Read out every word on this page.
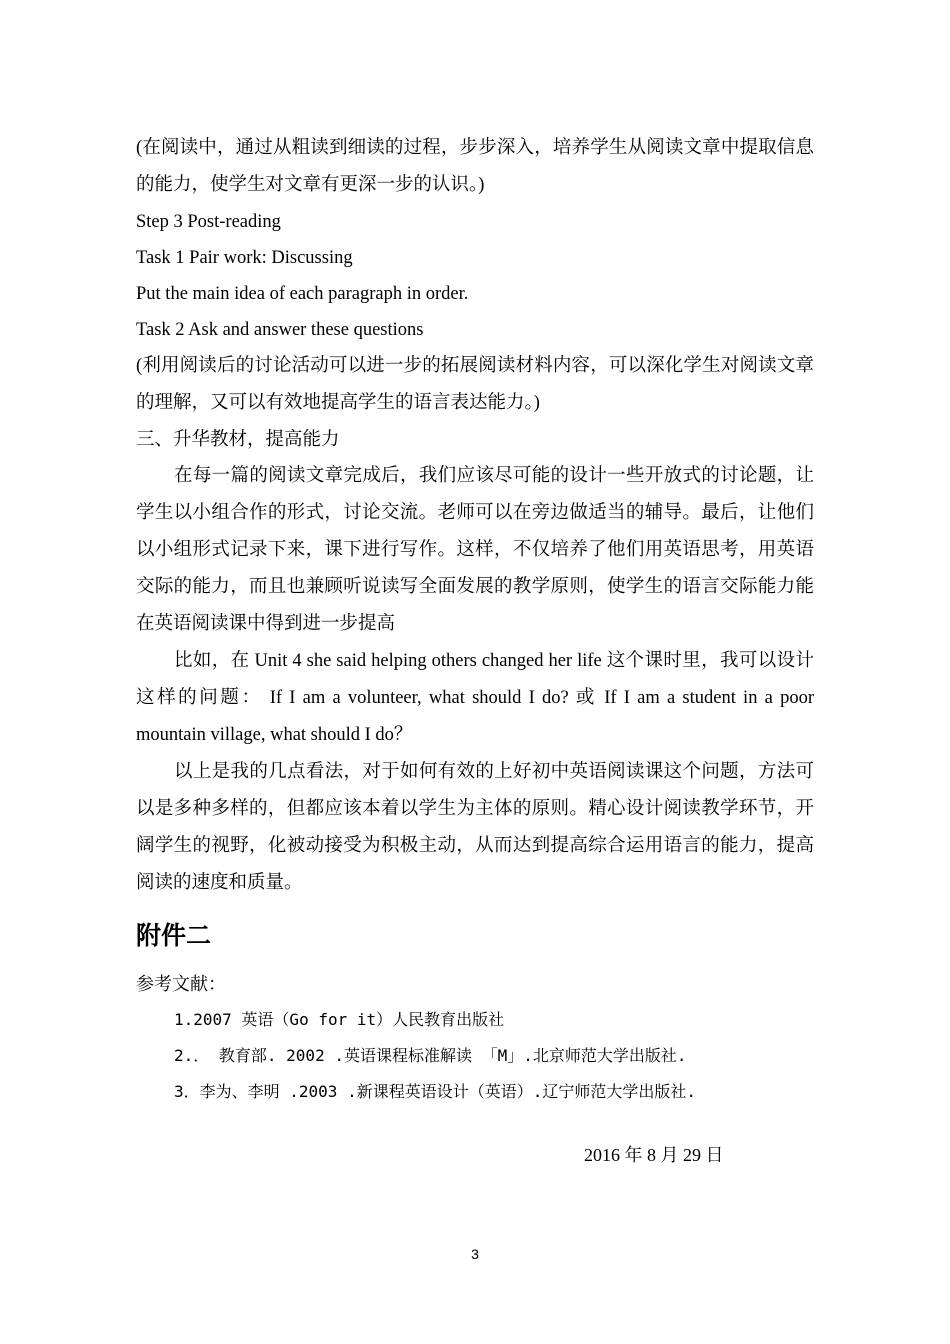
(在阅读中，通过从粗读到细读的过程，步步深入，培养学生从阅读文章中提取信息的能力，使学生对文章有更深一步的认识。)

Step 3 Post-reading
Task 1 Pair work: Discussing
Put the main idea of each paragraph in order.
Task 2 Ask and answer these questions

(利用阅读后的讨论活动可以进一步的拓展阅读材料内容，可以深化学生对阅读文章的理解，又可以有效地提高学生的语言表达能力。)

三、升华教材，提高能力

在每一篇的阅读文章完成后，我们应该尽可能的设计一些开放式的讨论题，让学生以小组合作的形式，讨论交流。老师可以在旁边做适当的辅导。最后，让他们以小组形式记录下来，课下进行写作。这样，不仅培养了他们用英语思考，用英语交际的能力，而且也兼顾听说读写全面发展的教学原则，使学生的语言交际能力能在英语阅读课中得到进一步提高

比如，在 Unit 4 she said helping others changed her life 这个课时里，我可以设计这样的问题： If I am a volunteer, what should I do? 或 If I am a student in a poor mountain village, what should I do？

以上是我的几点看法，对于如何有效的上好初中英语阅读课这个问题，方法可以是多种多样的，但都应该本着以学生为主体的原则。精心设计阅读教学环节，开阔学生的视野，化被动接受为积极主动，从而达到提高综合运用语言的能力，提高阅读的速度和质量。

附件二
参考文献：
1.2007 英语（Go for it）人民教育出版社
2.． 教育部. 2002 .英语课程标准解读 「M」.北京师范大学出版社.
3．李为、李明 .2003 .新课程英语设计（英语）.辽宁师范大学出版社.
2016 年 8 月 29 日
3
